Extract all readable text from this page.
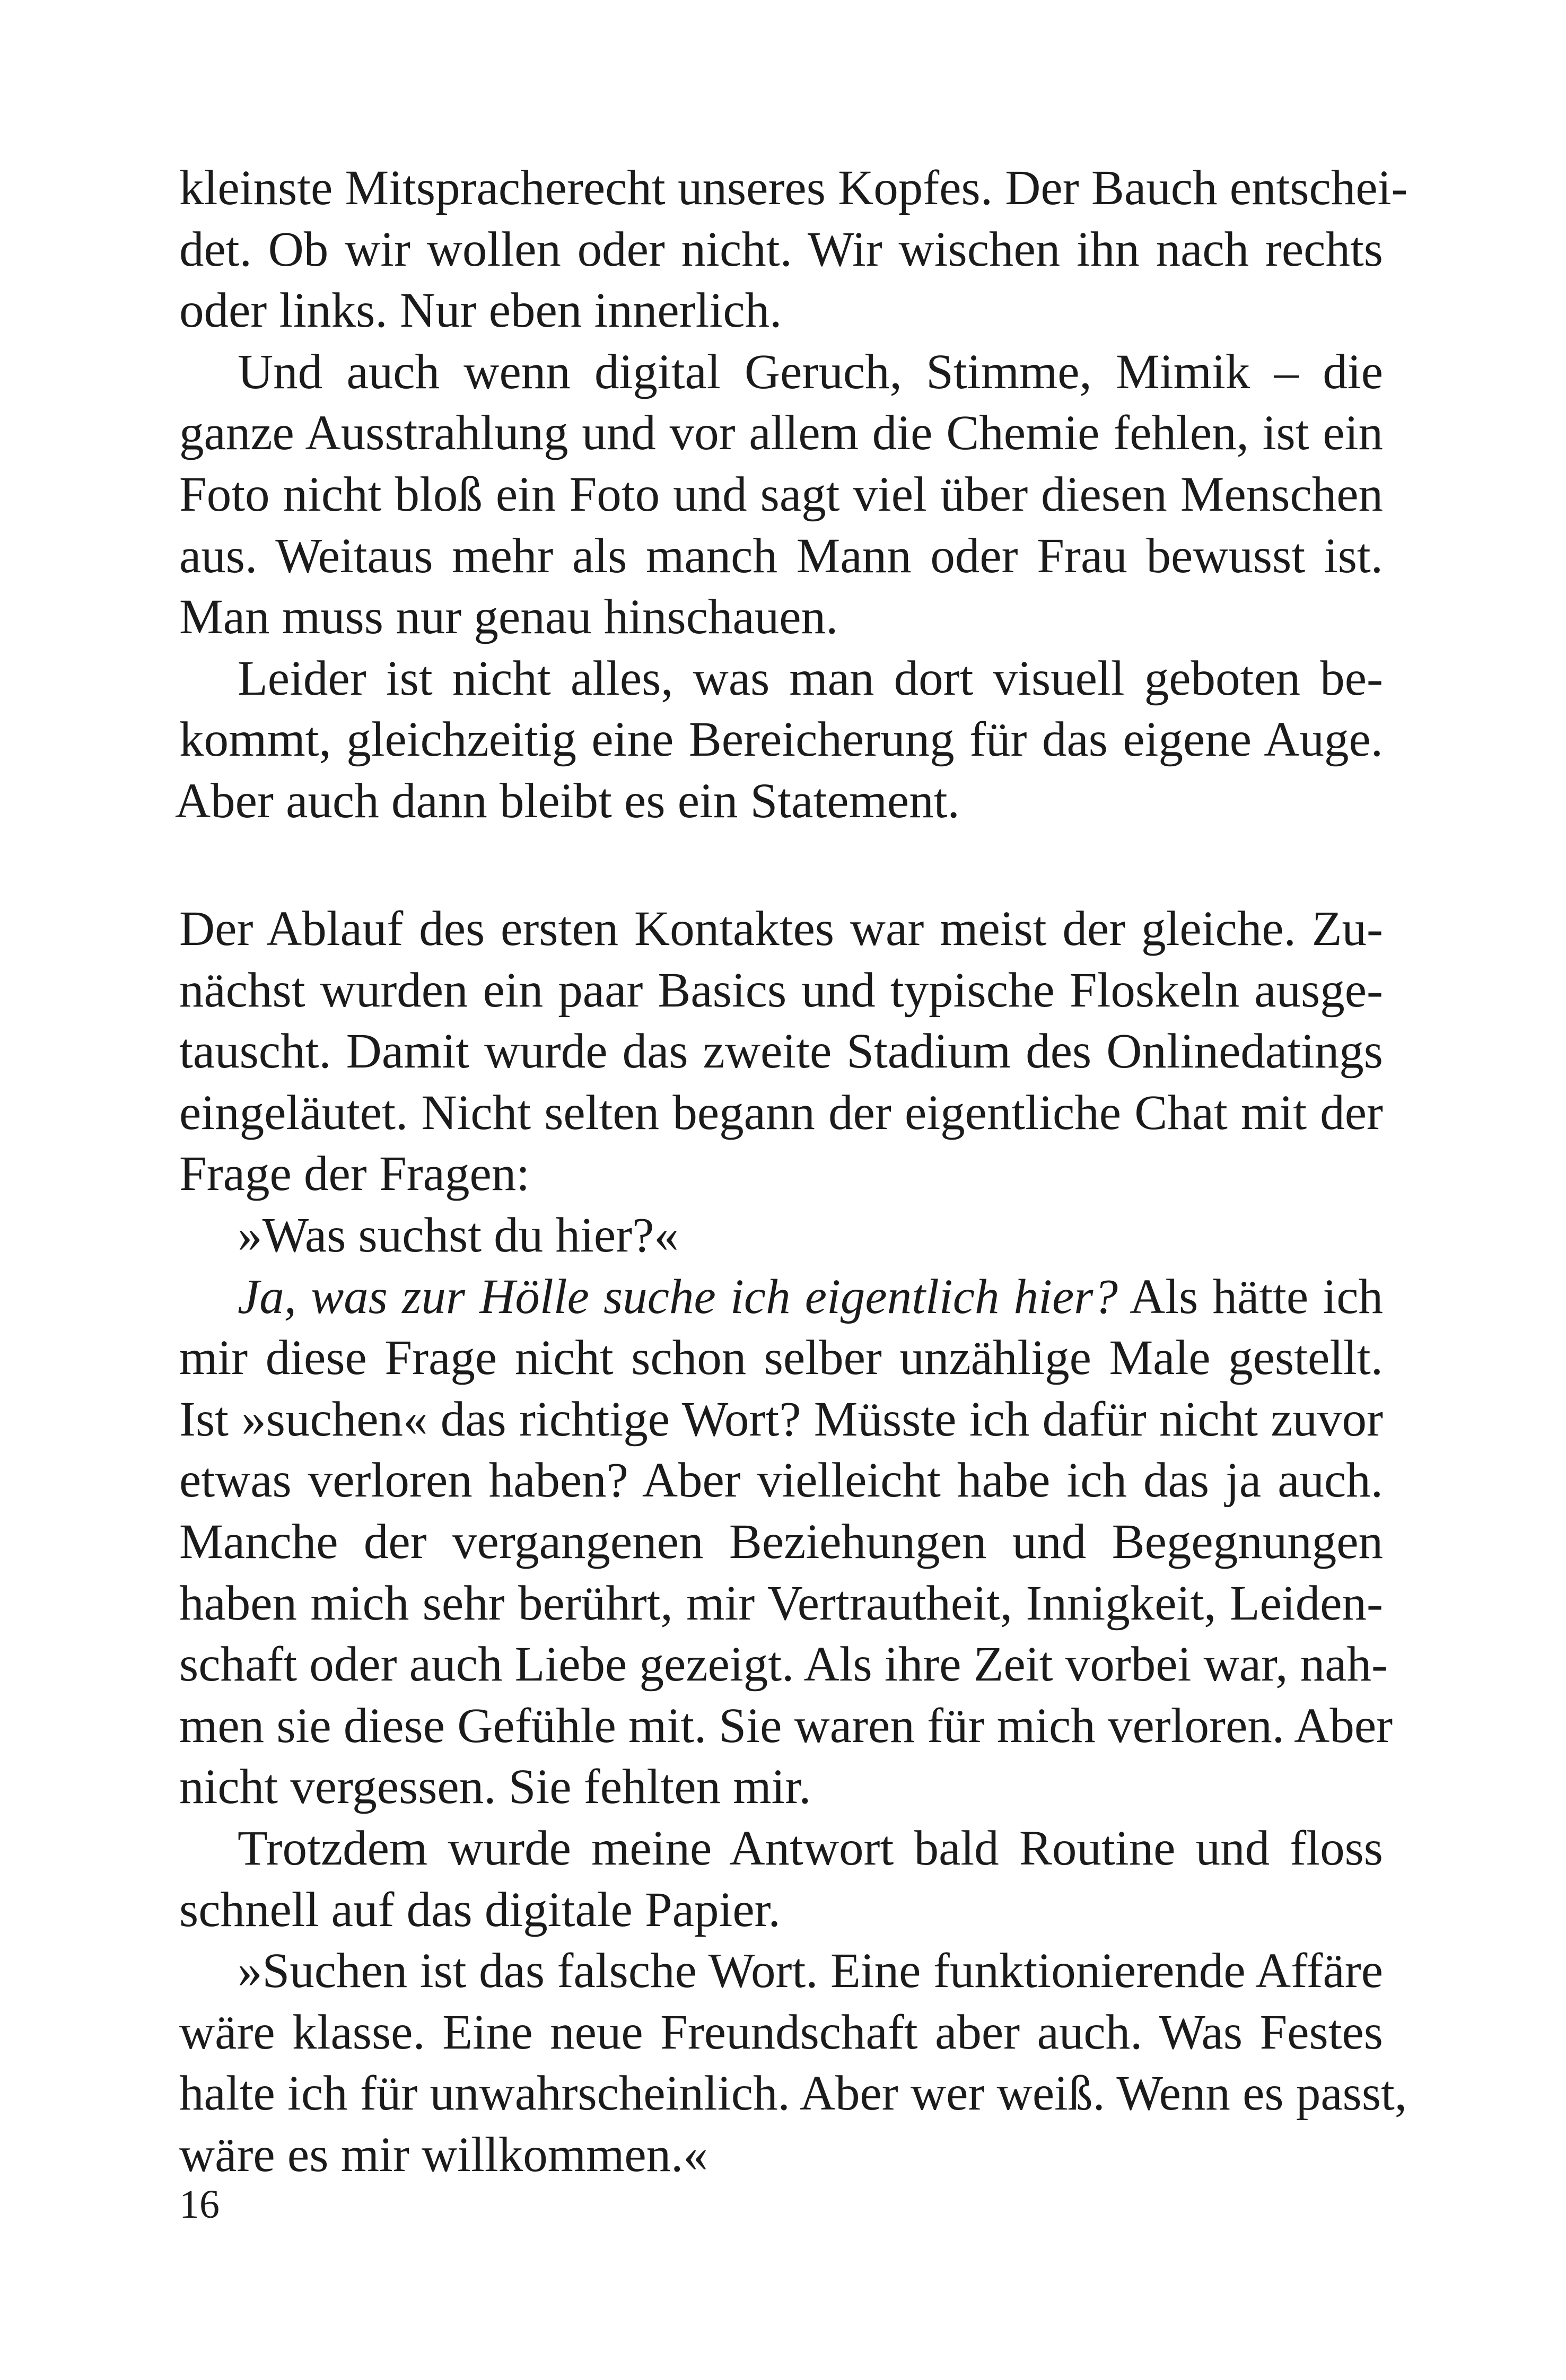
kleinste Mitspracherecht unseres Kopfes. Der Bauch entschei-
det. Ob wir wollen oder nicht. Wir wischen ihn nach rechts
oder links. Nur eben innerlich.
Und auch wenn digital Geruch, Stimme, Mimik – die
ganze Ausstrahlung und vor allem die Chemie fehlen, ist ein
Foto nicht bloß ein Foto und sagt viel über diesen Menschen
aus. Weitaus mehr als manch Mann oder Frau bewusst ist.
Man muss nur genau hinschauen.
Leider ist nicht alles, was man dort visuell geboten be-
kommt, gleichzeitig eine Bereicherung für das eigene Auge.
Aber auch dann bleibt es ein Statement.
Der Ablauf des ersten Kontaktes war meist der gleiche. Zu-
nächst wurden ein paar Basics und typische Floskeln ausge-
tauscht. Damit wurde das zweite Stadium des Onlinedatings
eingeläutet. Nicht selten begann der eigentliche Chat mit der
Frage der Fragen:
»Was suchst du hier?«
Ja, was zur Hölle suche ich eigentlich hier? Als hätte ich
mir diese Frage nicht schon selber unzählige Male gestellt.
Ist »suchen« das richtige Wort? Müsste ich dafür nicht zuvor
etwas verloren haben? Aber vielleicht habe ich das ja auch.
Manche der vergangenen Beziehungen und Begegnungen
haben mich sehr berührt, mir Vertrautheit, Innigkeit, Leiden-
schaft oder auch Liebe gezeigt. Als ihre Zeit vorbei war, nah-
men sie diese Gefühle mit. Sie waren für mich verloren. Aber
nicht vergessen. Sie fehlten mir.
Trotzdem wurde meine Antwort bald Routine und floss
schnell auf das digitale Papier.
»Suchen ist das falsche Wort. Eine funktionierende Affäre
wäre klasse. Eine neue Freundschaft aber auch. Was Festes
halte ich für unwahrscheinlich. Aber wer weiß. Wenn es passt,
wäre es mir willkommen.«
16
